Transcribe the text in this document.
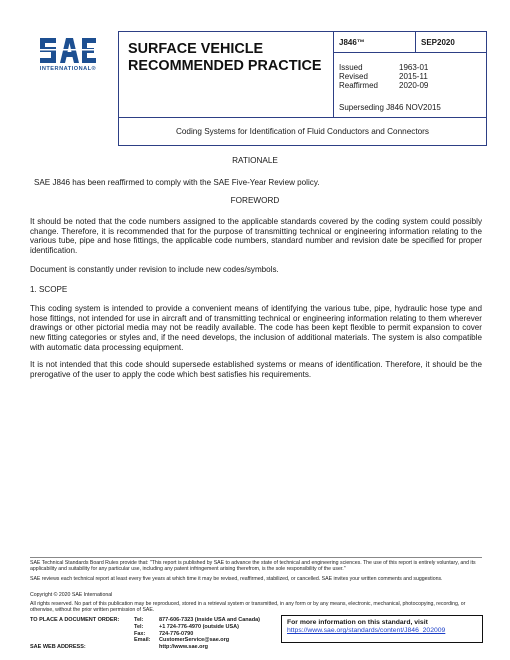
INTERNATIONAL®
SURFACE VEHICLE
RECOMMENDED PRACTICE
J846™	SEP2020
Issued	1963-01
Revised	2015-11
Reaffirmed	2020-09
Superseding J846 NOV2015
Coding Systems for Identification of Fluid Conductors and Connectors
RATIONALE
SAE J846 has been reaffirmed to comply with the SAE Five-Year Review policy.
FOREWORD
It should be noted that the code numbers assigned to the applicable standards covered by the coding system could possibly change. Therefore, it is recommended that for the purpose of transmitting technical or engineering information relating to the various tube, pipe and hose fittings, the applicable code numbers, standard number and revision date be specified for proper identification.
Document is constantly under revision to include new codes/symbols.
1. SCOPE
This coding system is intended to provide a convenient means of identifying the various tube, pipe, hydraulic hose type and hose fittings, not intended for use in aircraft and of transmitting technical or engineering information relating to them wherever drawings or other pictorial media may not be readily available. The code has been kept flexible to permit expansion to cover new fitting categories or styles and, if the need develops, the inclusion of additional materials. The system is also compatible with automatic data processing equipment.
It is not intended that this code should supersede established systems or means of identification. Therefore, it should be the prerogative of the user to apply the code which best satisfies his requirements.
SAE Technical Standards Board Rules provide that: "This report is published by SAE to advance the state of technical and engineering sciences. The use of this report is entirely voluntary, and its applicability and suitability for any particular use, including any patent infringement arising therefrom, is the sole responsibility of the user."
SAE reviews each technical report at least every five years at which time it may be revised, reaffirmed, stabilized, or cancelled. SAE invites your written comments and suggestions.
Copyright © 2020 SAE International
All rights reserved. No part of this publication may be reproduced, stored in a retrieval system or transmitted, in any form or by any means, electronic, mechanical, photocopying, recording, or otherwise, without the prior written permission of SAE.
TO PLACE A DOCUMENT ORDER:	Tel:	877-606-7323 (inside USA and Canada)
Tel:	+1 724-776-4970 (outside USA)
Fax: 724-776-0790
Email: CustomerService@sae.org
SAE WEB ADDRESS:	http://www.sae.org
For more information on this standard, visit
https://www.sae.org/standards/content/J846_202009
